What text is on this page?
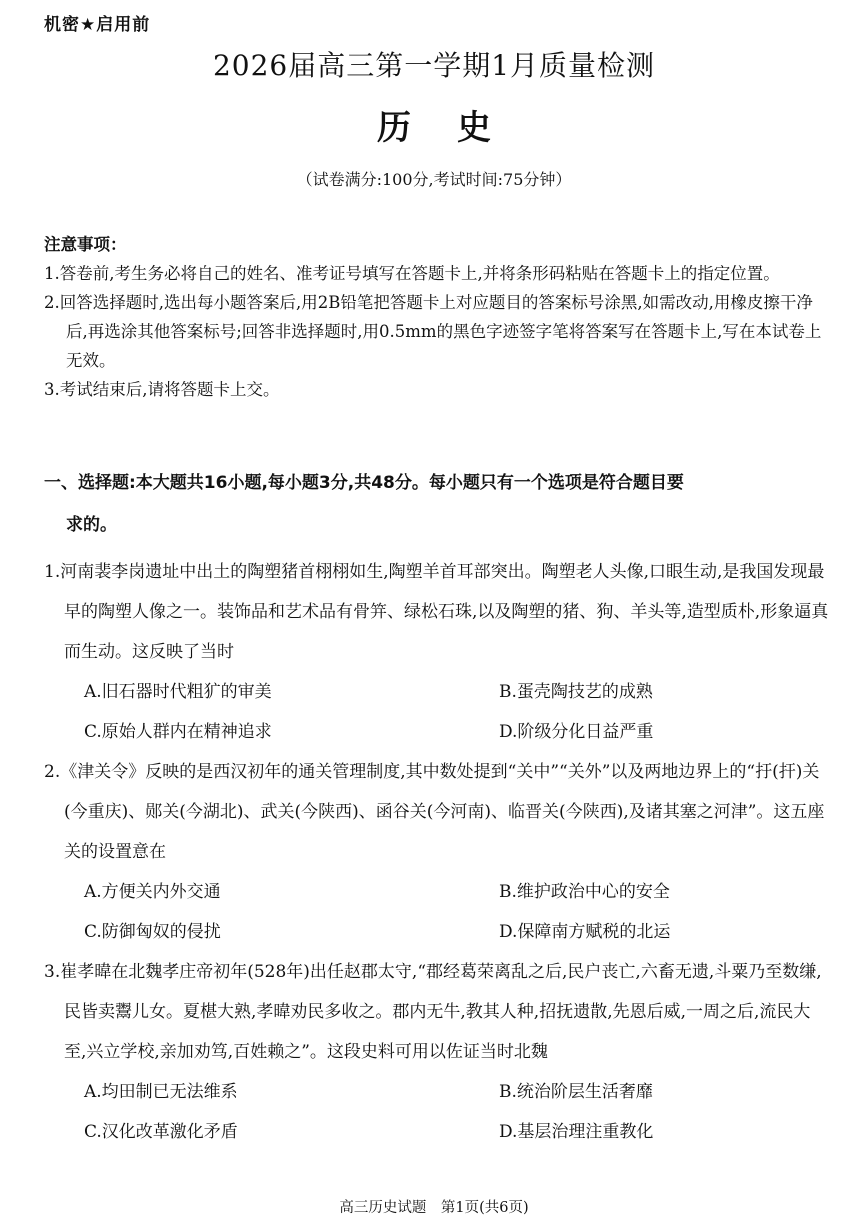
机密★启用前
2026届高三第一学期1月质量检测
历史
（试卷满分:100分,考试时间:75分钟）
注意事项：
1.答卷前,考生务必将自己的姓名、准考证号填写在答题卡上,并将条形码粘贴在答题卡上的指定位置。
2.回答选择题时,选出每小题答案后,用2B铅笔把答题卡上对应题目的答案标号涂黑,如需改动,用橡皮擦干净后,再选涂其他答案标号;回答非选择题时,用0.5mm的黑色字迹签字笔将答案写在答题卡上,写在本试卷上无效。
3.考试结束后,请将答题卡上交。
一、选择题:本大题共16小题,每小题3分,共48分。每小题只有一个选项是符合题目要
求的。
1.河南裴李岗遗址中出土的陶塑猪首栩栩如生,陶塑羊首耳部突出。陶塑老人头像,口眼生动,是我国发现最早的陶塑人像之一。装饰品和艺术品有骨笄、绿松石珠,以及陶塑的猪、狗、羊头等,造型质朴,形象逼真而生动。这反映了当时
A.旧石器时代粗犷的审美	B.蛋壳陶技艺的成熟
C.原始人群内在精神追求	D.阶级分化日益严重
2.《津关令》反映的是西汉初年的通关管理制度,其中数处提到“关中”“关外”以及两地边界上的“扜(扞)关(今重庆)、郧关(今湖北)、武关(今陕西)、函谷关(今河南)、临晋关(今陕西),及诸其塞之河津”。这五座关的设置意在
A.方便关内外交通	B.维护政治中心的安全
C.防御匈奴的侵扰	D.保障南方赋税的北运
3.崔孝暐在北魏孝庄帝初年(528年)出任赵郡太守,“郡经葛荣离乱之后,民户丧亡,六畜无遗,斗粟乃至数缣,民皆卖鬻儿女。夏椹大熟,孝暐劝民多收之。郡内无牛,教其人种,招抚遗散,先恩后威,一周之后,流民大至,兴立学校,亲加劝笃,百姓赖之”。这段史料可用以佐证当时北魏
A.均田制已无法维系	B.统治阶层生活奢靡
C.汉化改革激化矛盾	D.基层治理注重教化
高三历史试题　第1页(共6页)
